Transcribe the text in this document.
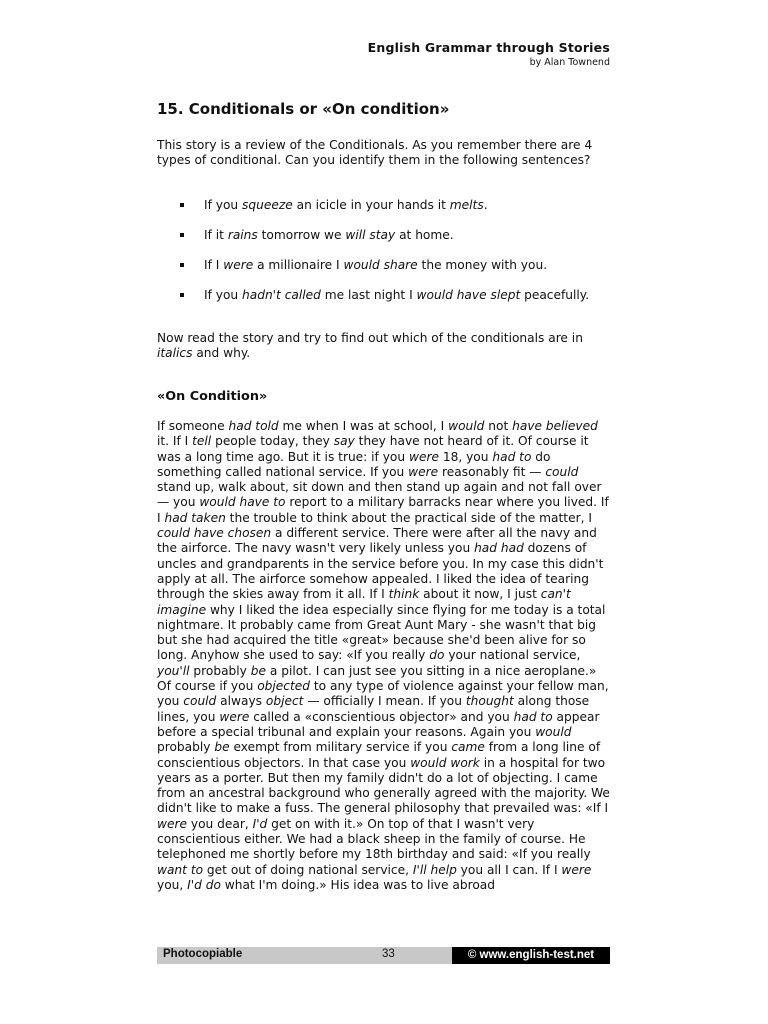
English Grammar through Stories
by Alan Townend
15. Conditionals or «On condition»
This story is a review of the Conditionals. As you remember there are 4 types of conditional. Can you identify them in the following sentences?
If you squeeze an icicle in your hands it melts.
If it rains tomorrow we will stay at home.
If I were a millionaire I would share the money with you.
If you hadn't called me last night I would have slept peacefully.
Now read the story and try to find out which of the conditionals are in italics and why.
«On Condition»
If someone had told me when I was at school, I would not have believed it. If I tell people today, they say they have not heard of it. Of course it was a long time ago. But it is true: if you were 18, you had to do something called national service. If you were reasonably fit — could stand up, walk about, sit down and then stand up again and not fall over — you would have to report to a military barracks near where you lived. If I had taken the trouble to think about the practical side of the matter, I could have chosen a different service. There were after all the navy and the airforce. The navy wasn't very likely unless you had had dozens of uncles and grandparents in the service before you. In my case this didn't apply at all. The airforce somehow appealed. I liked the idea of tearing through the skies away from it all. If I think about it now, I just can't imagine why I liked the idea especially since flying for me today is a total nightmare. It probably came from Great Aunt Mary - she wasn't that big but she had acquired the title «great» because she'd been alive for so long. Anyhow she used to say: «If you really do your national service, you'll probably be a pilot. I can just see you sitting in a nice aeroplane.» Of course if you objected to any type of violence against your fellow man, you could always object — officially I mean. If you thought along those lines, you were called a «conscientious objector» and you had to appear before a special tribunal and explain your reasons. Again you would probably be exempt from military service if you came from a long line of conscientious objectors. In that case you would work in a hospital for two years as a porter. But then my family didn't do a lot of objecting. I came from an ancestral background who generally agreed with the majority. We didn't like to make a fuss. The general philosophy that prevailed was: «If I were you dear, I'd get on with it.» On top of that I wasn't very conscientious either. We had a black sheep in the family of course. He telephoned me shortly before my 18th birthday and said: «If you really want to get out of doing national service, I'll help you all I can. If I were you, I'd do what I'm doing.» His idea was to live abroad
Photocopiable	33	© www.english-test.net
